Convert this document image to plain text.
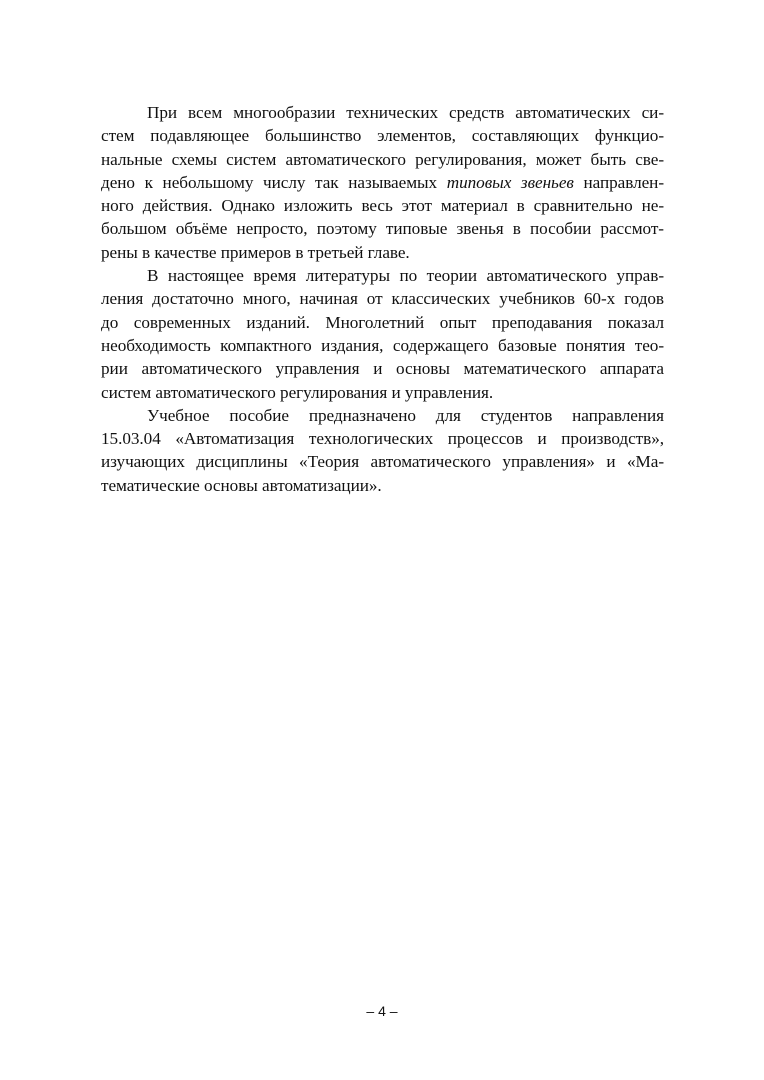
При всем многообразии технических средств автоматических си-
стем подавляющее большинство элементов, составляющих функцио-
нальные схемы систем автоматического регулирования, может быть све-
дено к небольшому числу так называемых типовых звеньев направлен-
ного действия. Однако изложить весь этот материал в сравнительно не-
большом объёме непросто, поэтому типовые звенья в пособии рассмот-
рены в качестве примеров в третьей главе.
В настоящее время литературы по теории автоматического управ-
ления достаточно много, начиная от классических учебников 60-х годов
до современных изданий. Многолетний опыт преподавания показал
необходимость компактного издания, содержащего базовые понятия тео-
рии автоматического управления и основы математического аппарата
систем автоматического регулирования и управления.
Учебное пособие предназначено для студентов направления
15.03.04 «Автоматизация технологических процессов и производств»,
изучающих дисциплины «Теория автоматического управления» и «Ма-
тематические основы автоматизации».
– 4 –
